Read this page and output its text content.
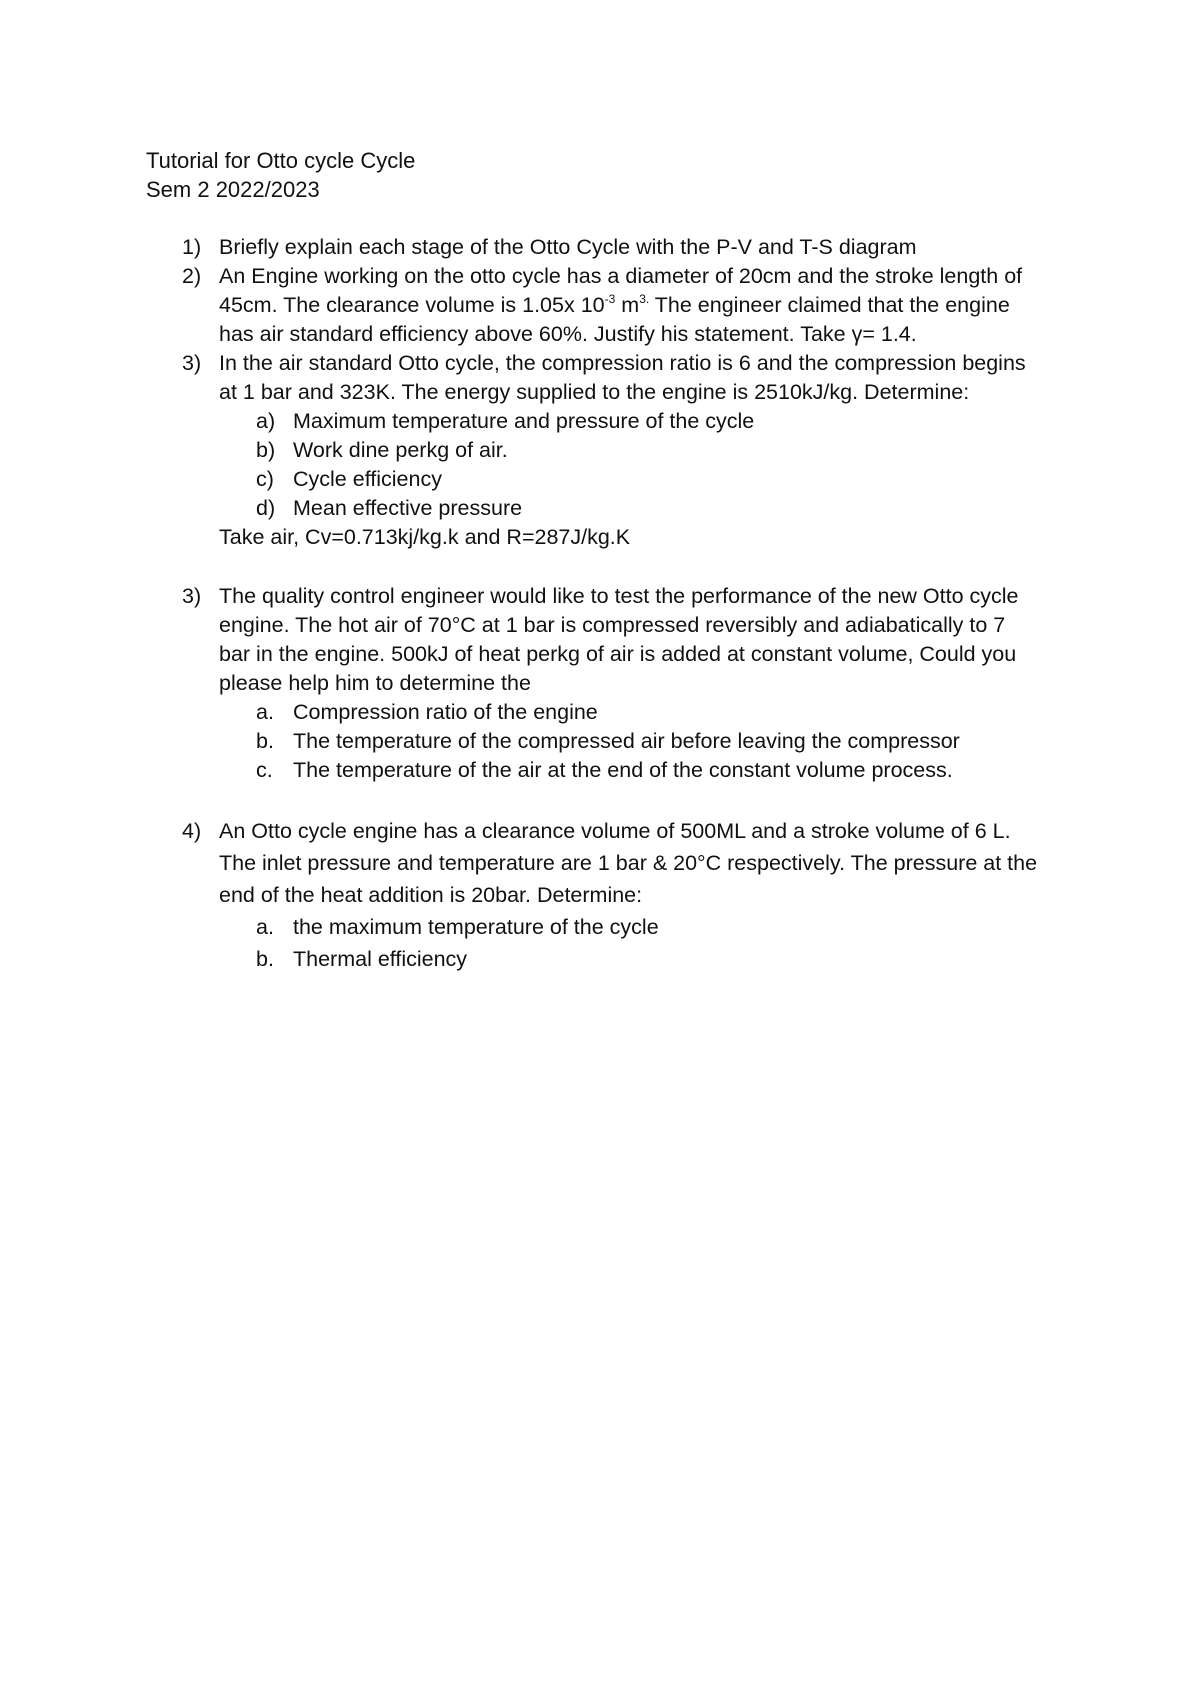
Tutorial for Otto cycle Cycle
Sem 2 2022/2023
1) Briefly explain each stage of the Otto Cycle with the P-V and T-S diagram
2) An Engine working on the otto cycle has a diameter of 20cm and the stroke length of
45cm. The clearance volume is 1.05x $10^{-3}$ $m^{3.}$ The engineer claimed that the engine
has air standard efficiency above 60%. Justify his statement. Take γ= 1.4.
3) In the air standard Otto cycle, the compression ratio is 6 and the compression begins
at 1 bar and 323K. The energy supplied to the engine is 2510kJ/kg. Determine:
a) Maximum temperature and pressure of the cycle
b) Work dine perkg of air.
c) Cycle efficiency
d) Mean effective pressure
Take air, Cv=0.713kj/kg.k and R=287J/kg.K
3) The quality control engineer would like to test the performance of the new Otto cycle
engine. The hot air of 70°C at 1 bar is compressed reversibly and adiabatically to 7
bar in the engine. 500kJ of heat perkg of air is added at constant volume, Could you
please help him to determine the
a. Compression ratio of the engine
b. The temperature of the compressed air before leaving the compressor
c. The temperature of the air at the end of the constant volume process.
4) An Otto cycle engine has a clearance volume of 500ML and a stroke volume of 6 L.
The inlet pressure and temperature are 1 bar & 20°C respectively. The pressure at the
end of the heat addition is 20bar. Determine:
a. the maximum temperature of the cycle
b. Thermal efficiency
